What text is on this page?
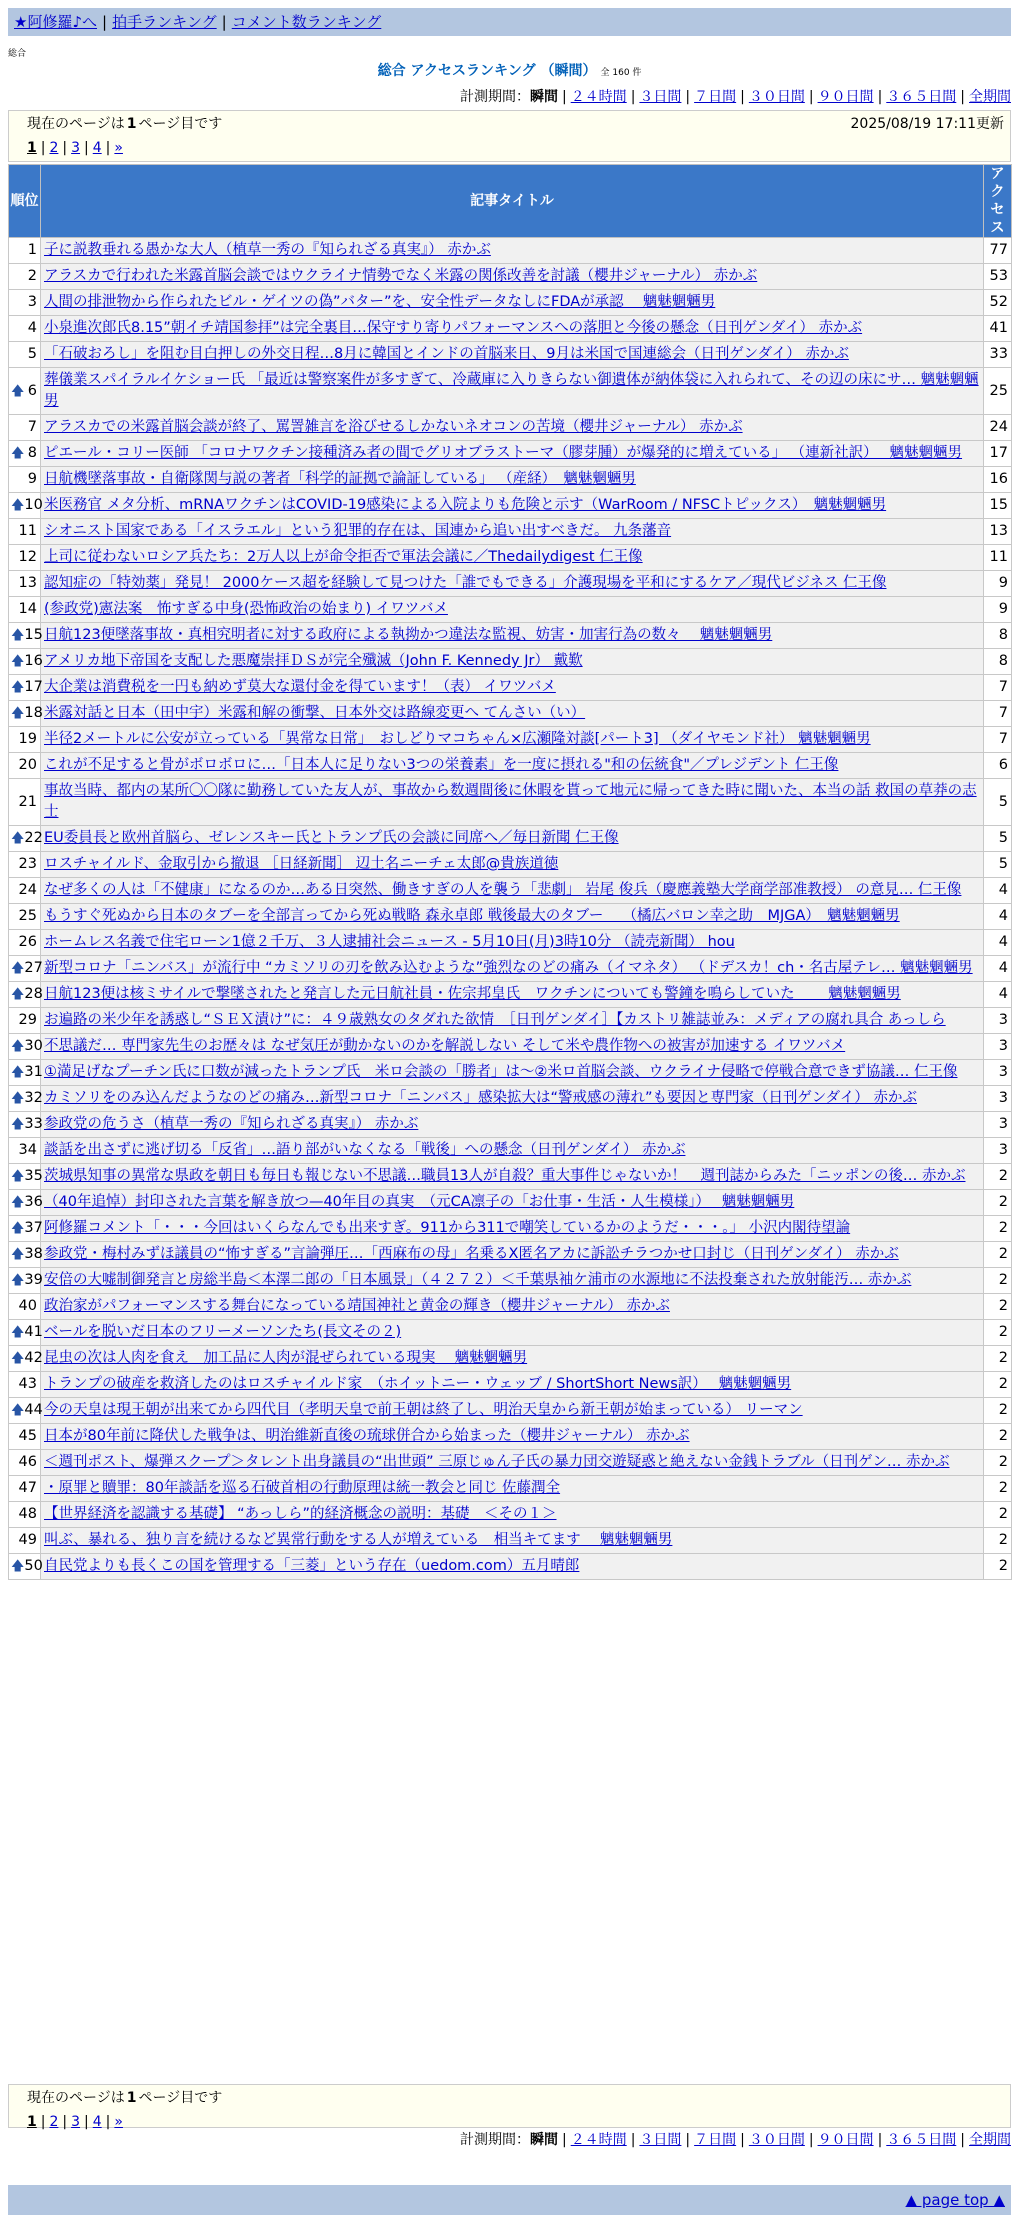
★阿修羅♪へ | 拍手ランキング | コメント数ランキング
総合
総合 アクセスランキング （瞬間） 全 160 件
計測期間：瞬間 | ２４時間 | ３日間 | ７日間 | ３０日間 | ９０日間 | ３６５日間 | 全期間
現在のページは 1 ページ目です	2025/08/19 17:11更新
1 | 2 | 3 | 4 | »
順位	記事タイトル	アクセス
1	子に説教垂れる愚かな大人（植草一秀の『知られざる真実』） 赤かぶ	77
2	アラスカで行われた米露首脳会談ではウクライナ情勢でなく米露の関係改善を討議（櫻井ジャーナル） 赤かぶ	53
3	人間の排泄物から作られたビル・ゲイツの偽”バター”を、安全性データなしにFDAが承認　 魑魅魍魎男	52
4	小泉進次郎氏8.15”朝イチ靖国参拝”は完全裏目…保守すり寄りパフォーマンスへの落胆と今後の懸念（日刊ゲンダイ） 赤かぶ	41
5	「石破おろし」を阻む目白押しの外交日程…8月に韓国とインドの首脳来日、9月は米国で国連総会（日刊ゲンダイ） 赤かぶ	33

🡅 6	葬儀業スパイラルイケショー氏 「最近は警察案件が多すぎて、冷蔵庫に入りきらない御遺体が納体袋に入れられて、その辺の床にサ… 魑魅魍魎男	25
7	アラスカでの米露首脳会談が終了、罵詈雑言を浴びせるしかないネオコンの苦境（櫻井ジャーナル） 赤かぶ	24

🡅 8	ピエール・コリー医師 「コロナワクチン接種済み者の間でグリオブラストーマ（膠芽腫）が爆発的に増えている」 （連新社訳）　 魑魅魍魎男	17
9	日航機墜落事故・自衛隊関与説の著者「科学的証拠で論証している」 （産経）　魑魅魍魎男	16

🡅 10	米医務官 メタ分析、mRNAワクチンはCOVID-19感染による入院よりも危険と示す（WarRoom / NFSCトピックス）　魑魅魍魎男	15
11	シオニスト国家である「イスラエル」という犯罪的存在は、国連から追い出すべきだ。 九条藩音	13
12	上司に従わないロシア兵たち：2万人以上が命令拒否で軍法会議に／Thedailydigest 仁王像	11
13	認知症の「特効薬」発見！ 2000ケース超を経験して見つけた「誰でもできる」介護現場を平和にするケア／現代ビジネス 仁王像	9
14	(参政党)憲法案　怖すぎる中身(恐怖政治の始まり) イワツバメ	9

🡅 15	日航123便墜落事故・真相究明者に対する政府による執拗かつ違法な監視、妨害・加害行為の数々　 魑魅魍魎男	8

🡅 16	アメリカ地下帝国を支配した悪魔崇拝ＤＳが完全殲滅（John F. Kennedy Jr） 戴歎	8

🡅 17	大企業は消費税を一円も納めず莫大な還付金を得ています！（表） イワツバメ	7

🡅 18	米露対話と日本（田中宇）米露和解の衝撃、日本外交は路線変更へ てんさい（い）	7
19	半径2メートルに公安が立っている「異常な日常」　おしどりマコちゃん×広瀬隆対談[パート3] （ダイヤモンド社） 魑魅魍魎男	7
20	これが不足すると骨がボロボロに…「日本人に足りない3つの栄養素」を一度に摂れる"和の伝統食"／プレジデント 仁王像	6
21	事故当時、都内の某所〇〇隊に勤務していた友人が、事故から数週間後に休暇を貰って地元に帰ってきた時に聞いた、本当の話 救国の草莽の志士	5

🡅 22	EU委員長と欧州首脳ら、ゼレンスキー氏とトランプ氏の会談に同席へ／毎日新聞 仁王像	5
23	ロスチャイルド、金取引から撤退 ［日経新聞］ 辺土名ニーチェ太郎@貴族道徳	5
24	なぜ多くの人は「不健康」になるのか…ある日突然、働きすぎの人を襲う「悲劇」 岩尾 俊兵（慶應義塾大学商学部准教授） の意見… 仁王像	4
25	もうすぐ死ぬから日本のタブーを全部言ってから死ぬ戦略 森永卓郎 戦後最大のタブー　 （橘広バロン幸之助　MJGA）　魑魅魍魎男	4
26	ホームレス名義で住宅ローン1億２千万、３人逮捕社会ニュース - 5月10日(月)3時10分 （読売新聞） hou	4

🡅 27	新型コロナ「ニンバス」が流行中 “カミソリの刃を飲み込むような”強烈なのどの痛み（イマネタ） （ドデスカ！ch・名古屋テレ… 魑魅魍魎男	4

🡅 28	日航123便は核ミサイルで撃墜されたと発言した元日航社員・佐宗邦皇氏　ワクチンについても警鐘を鳴らしていた　　 魑魅魍魎男	4
29	お遍路の米少年を誘惑し“ＳＥＸ漬け”に：４９歳熟女のタダれた欲情　［日刊ゲンダイ］【カストリ雑誌並み：メディアの腐れ具合 あっしら	3

🡅 30	不思議だ… 専門家先生のお歴々は なぜ気圧が動かないのかを解説しない そして米や農作物への被害が加速する イワツバメ	3

🡅 31	①満足げなプーチン氏に口数が減ったトランプ氏　米ロ会談の「勝者」は～②米ロ首脳会談、ウクライナ侵略で停戦合意できず協議… 仁王像	3

🡅 32	カミソリをのみ込んだようなのどの痛み…新型コロナ「ニンバス」感染拡大は“警戒感の薄れ”も要因と専門家（日刊ゲンダイ） 赤かぶ	3

🡅 33	参政党の危うさ（植草一秀の『知られざる真実』） 赤かぶ	3
34	談話を出さずに逃げ切る「反省」…語り部がいなくなる「戦後」への懸念（日刊ゲンダイ） 赤かぶ	3

🡅 35	茨城県知事の異常な県政を朝日も毎日も報じない不思議…職員13人が自殺？重大事件じゃないか！　週刊誌からみた「ニッポンの後… 赤かぶ	2

🡅 36	（40年追悼）封印された言葉を解き放つ—40年目の真実　（元CA凛子の「お仕事・生活・人生模様」）　 魑魅魍魎男	2

🡅 37	阿修羅コメント「・・・今回はいくらなんでも出来すぎ。911から311で嘲笑しているかのようだ・・・。」 小沢内閣待望論	2

🡅 38	参政党・梅村みずほ議員の“怖すぎる”言論弾圧…「西麻布の母」名乗るX匿名アカに訴訟チラつかせ口封じ（日刊ゲンダイ） 赤かぶ	2

🡅 39	安倍の大嘘制御発言と房総半島＜本澤二郎の「日本風景」（４２７２）＜千葉県袖ケ浦市の水源地に不法投棄された放射能汚… 赤かぶ	2
40	政治家がパフォーマンスする舞台になっている靖国神社と黄金の輝き（櫻井ジャーナル） 赤かぶ	2

🡅 41	ベールを脱いだ日本のフリーメーソンたち(長文その２)	2

🡅 42	昆虫の次は人肉を食え　加工品に人肉が混ぜられている現実　 魑魅魍魎男	2
43	トランプの破産を救済したのはロスチャイルド家　（ホイットニー・ウェッブ / ShortShort News訳）　 魑魅魍魎男	2

🡅 44	今の天皇は現王朝が出来てから四代目（孝明天皇で前王朝は終了し、明治天皇から新王朝が始まっている） リーマン	2
45	日本が80年前に降伏した戦争は、明治維新直後の琉球併合から始まった（櫻井ジャーナル） 赤かぶ	2
46	＜週刊ポスト、爆弾スクープ＞タレント出身議員の“出世頭” 三原じゅん子氏の暴力団交遊疑惑と絶えない金銭トラブル（日刊ゲン… 赤かぶ	2
47	・原罪と贖罪：80年談話を巡る石破首相の行動原理は統一教会と同じ 佐藤潤全	2
48	【世界経済を認識する基礎】 “あっしら”的経済概念の説明：基礎　＜その１＞	2
49	叫ぶ、暴れる、独り言を続けるなど異常行動をする人が増えている　相当キてます　 魑魅魍魎男	2

🡅 50	自民党よりも長くこの国を管理する「三菱」という存在（uedom.com）五月晴郎	2
現在のページは 1 ページ目です
1 | 2 | 3 | 4 | »
計測期間：瞬間 | ２４時間 | ３日間 | ７日間 | ３０日間 | ９０日間 | ３６５日間 | 全期間
▲ page top ▲
